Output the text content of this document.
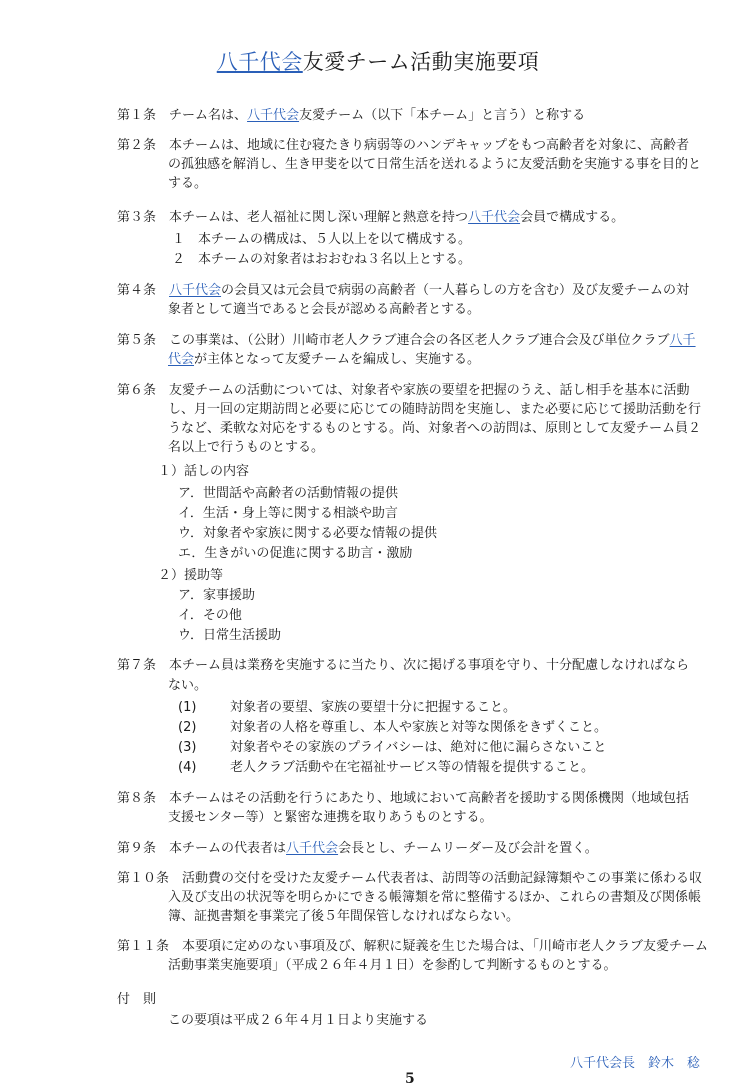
八千代会友愛チーム活動実施要項
第１条　 チーム名は、八千代会友愛チーム（以下「本チーム」と言う）と称する
第２条　 本チームは、地域に住む寝たきり病弱等のハンデキャップをもつ高齢者を対象に、高齢者
の孤独感を解消し、生き甲斐を以て日常生活を送れるように友愛活動を実施する事を目的と
する。
第３条　 本チームは、老人福祉に関し深い理解と熱意を持つ八千代会会員で構成する。
１　本チームの構成は、５人以上を以て構成する。
２　本チームの対象者はおおむね３名以上とする。
第４条　 八千代会の会員又は元会員で病弱の高齢者（一人暮らしの方を含む）及び友愛チームの対
象者として適当であると会長が認める高齢者とする。
第５条　 この事業は、（公財）川崎市老人クラブ連合会の各区老人クラブ連合会及び単位クラブ八千
代会が主体となって友愛チームを編成し、実施する。
第６条　 友愛チームの活動については、対象者や家族の要望を把握のうえ、話し相手を基本に活動
し、月一回の定期訪問と必要に応じての随時訪問を実施し、また必要に応じて援助活動を行
うなど、柔軟な対応をするものとする。尚、対象者への訪問は、原則として友愛チーム員２
名以上で行うものとする。
１）話しの内容
ア．世間話や高齢者の活動情報の提供
イ．生活・身上等に関する相談や助言
ウ．対象者や家族に関する必要な情報の提供
エ．生きがいの促進に関する助言・激励
２）援助等
ア．家事援助
イ．その他
ウ．日常生活援助
第７条　 本チーム員は業務を実施するに当たり、次に掲げる事項を守り、十分配慮しなければなら
ない。
(1)	対象者の要望、家族の要望十分に把握すること。
(2)	対象者の人格を尊重し、本人や家族と対等な関係をきずくこと。
(3)	対象者やその家族のプライバシーは、絶対に他に漏らさないこと
(4)	老人クラブ活動や在宅福祉サービス等の情報を提供すること。
第８条　 本チームはその活動を行うにあたり、地域において高齢者を援助する関係機関（地域包括
支援センター等）と緊密な連携を取りあうものとする。
第９条　 本チームの代表者は八千代会会長とし、チームリーダー及び会計を置く。
第１０条　 活動費の交付を受けた友愛チーム代表者は、訪問等の活動記録簿類やこの事業に係わる収
入及び支出の状況等を明らかにできる帳簿類を常に整備するほか、これらの書類及び関係帳
簿、証拠書類を事業完了後５年間保管しなければならない。
第１１条　 本要項に定めのない事項及び、解釈に疑義を生じた場合は、「川崎市老人クラブ友愛チーム
活動事業実施要項」（平成２６年４月１日）を参酌して判断するものとする。
付　則
この要項は平成２６年４月１日より実施する
八千代会長　鈴木　稔
5
